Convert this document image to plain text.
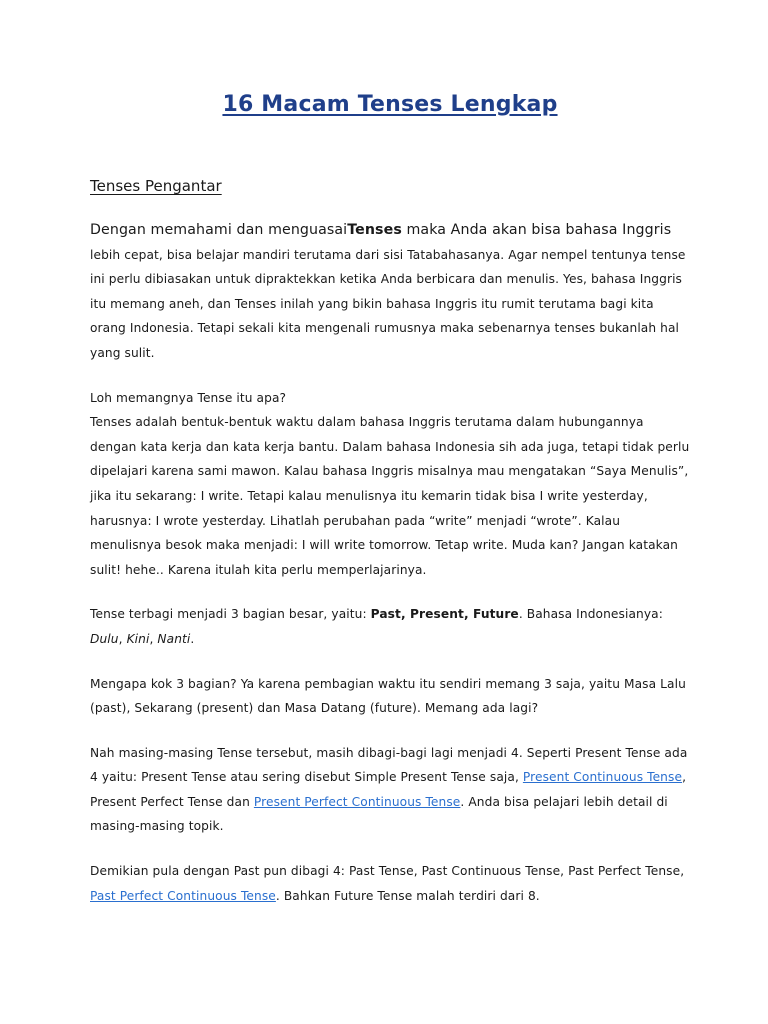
16 Macam Tenses Lengkap
Tenses Pengantar

Dengan memahami dan menguasaiTenses maka Anda akan bisa bahasa Inggris
lebih cepat, bisa belajar mandiri terutama dari sisi Tatabahasanya. Agar nempel tentunya tense ini perlu dibiasakan untuk dipraktekkan ketika Anda berbicara dan menulis. Yes, bahasa Inggris itu memang aneh, dan Tenses inilah yang bikin bahasa Inggris itu rumit terutama bagi kita orang Indonesia. Tetapi sekali kita mengenali rumusnya maka sebenarnya tenses bukanlah hal yang sulit.

Loh memangnya Tense itu apa?
Tenses adalah bentuk-bentuk waktu dalam bahasa Inggris terutama dalam hubungannya dengan kata kerja dan kata kerja bantu. Dalam bahasa Indonesia sih ada juga, tetapi tidak perlu dipelajari karena sami mawon. Kalau bahasa Inggris misalnya mau mengatakan “Saya Menulis”, jika itu sekarang: I write. Tetapi kalau menulisnya itu kemarin tidak bisa I write yesterday, harusnya: I wrote yesterday. Lihatlah perubahan pada “write” menjadi “wrote”. Kalau menulisnya besok maka menjadi: I will write tomorrow. Tetap write. Muda kan? Jangan katakan sulit! hehe.. Karena itulah kita perlu memperlajarinya.

Tense terbagi menjadi 3 bagian besar, yaitu: Past, Present, Future. Bahasa Indonesianya: Dulu, Kini, Nanti.

Mengapa kok 3 bagian? Ya karena pembagian waktu itu sendiri memang 3 saja, yaitu Masa Lalu (past), Sekarang (present) dan Masa Datang (future). Memang ada lagi?

Nah masing-masing Tense tersebut, masih dibagi-bagi lagi menjadi 4. Seperti Present Tense ada 4 yaitu: Present Tense atau sering disebut Simple Present Tense saja, Present Continuous Tense, Present Perfect Tense dan Present Perfect Continuous Tense. Anda bisa pelajari lebih detail di masing-masing topik.

Demikian pula dengan Past pun dibagi 4: Past Tense, Past Continuous Tense, Past Perfect Tense, Past Perfect Continuous Tense. Bahkan Future Tense malah terdiri dari 8.
